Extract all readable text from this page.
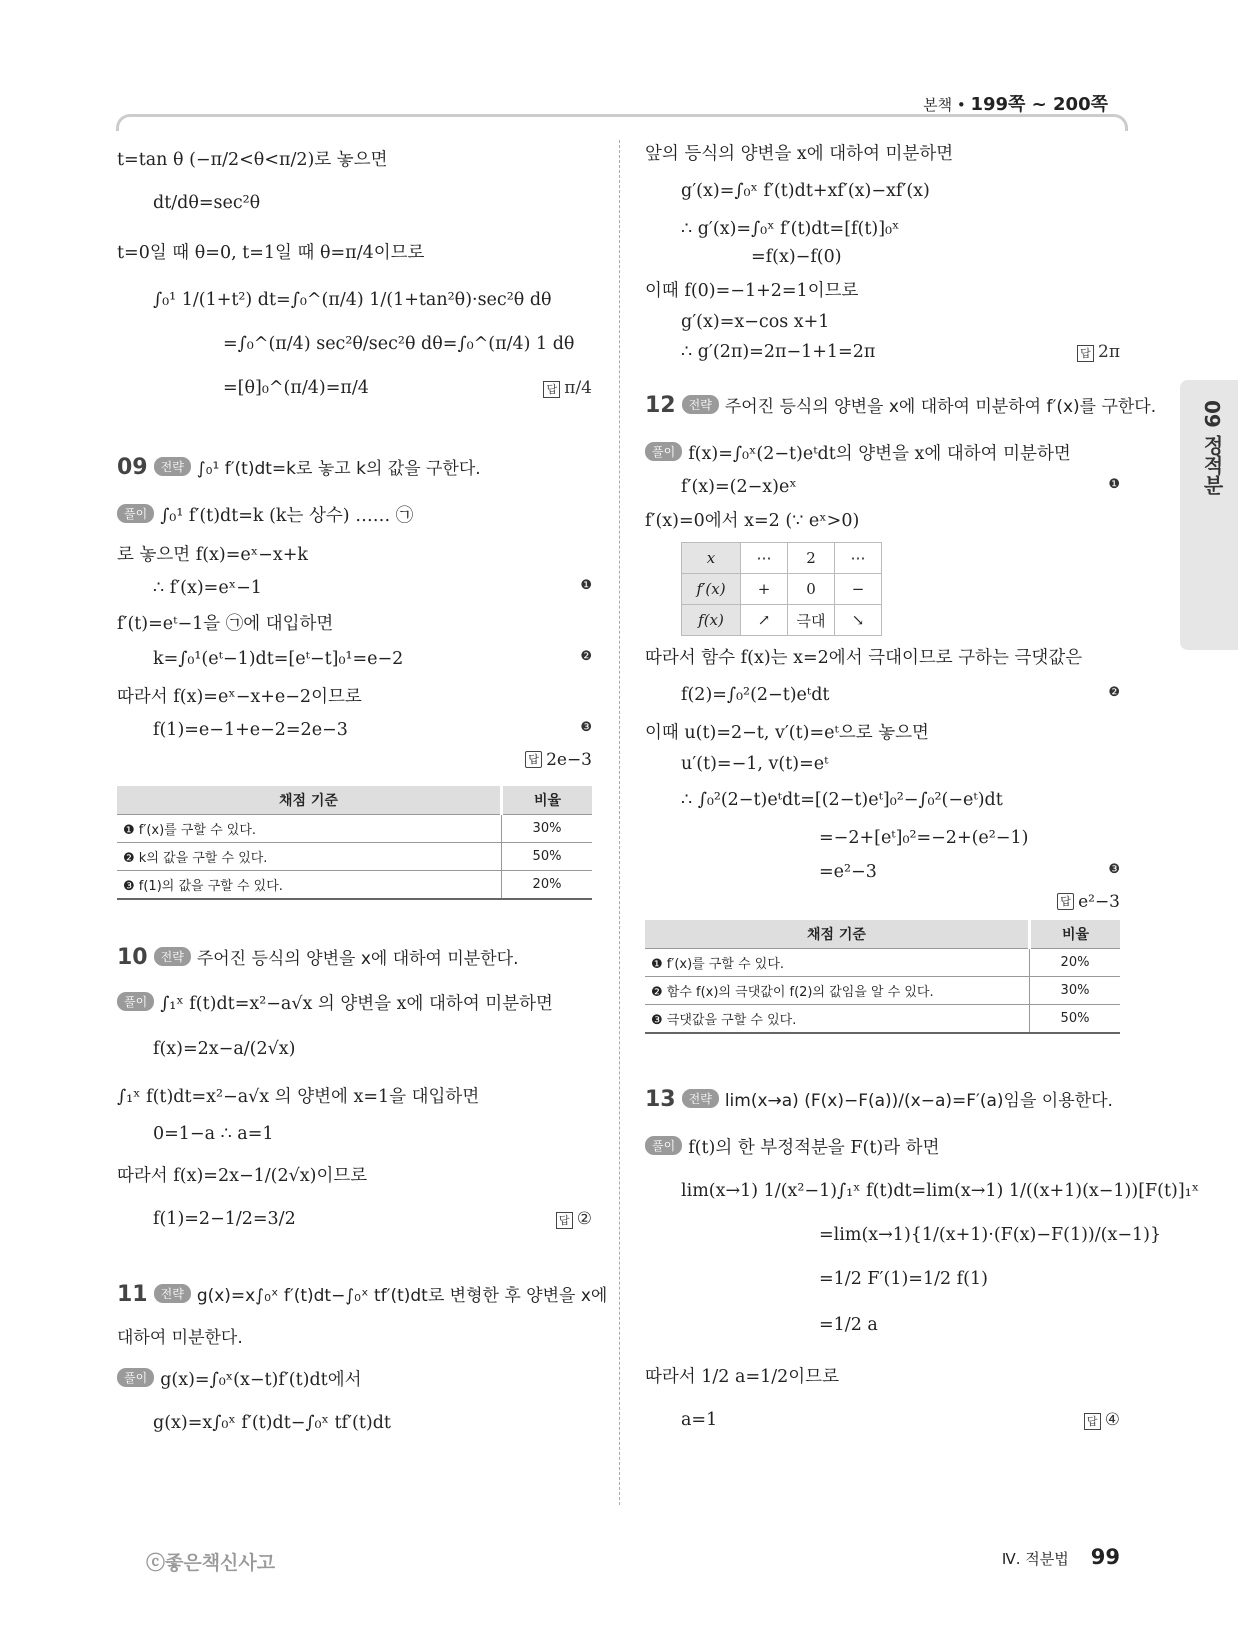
본책 • 199쪽 ~ 200쪽
09 정적분
t=tan θ (−π/2<θ<π/2)로 놓으면
dt/dθ=sec²θ
t=0일 때 θ=0, t=1일 때 θ=π/4이므로
∫₀¹ 1/(1+t²) dt=∫₀^(π/4) 1/(1+tan²θ)·sec²θ dθ
=∫₀^(π/4) sec²θ/sec²θ dθ=∫₀^(π/4) 1 dθ
=[θ]₀^(π/4)=π/4	답 π/4
09 전략 ∫₀¹ f′(t)dt=k로 놓고 k의 값을 구한다.
풀이 ∫₀¹ f′(t)dt=k (k는 상수) …… ㉠
로 놓으면 f(x)=eˣ−x+k
∴ f′(x)=eˣ−1	❶
f′(t)=eᵗ−1을 ㉠에 대입하면
k=∫₀¹(eᵗ−1)dt=[eᵗ−t]₀¹=e−2	❷
따라서 f(x)=eˣ−x+e−2이므로
f(1)=e−1+e−2=2e−3	❸
답 2e−3
채점 기준	비율
❶ f′(x)를 구할 수 있다.	30%
❷ k의 값을 구할 수 있다.	50%
❸ f(1)의 값을 구할 수 있다.	20%
10 전략 주어진 등식의 양변을 x에 대하여 미분한다.
풀이 ∫₁ˣ f(t)dt=x²−a√x 의 양변을 x에 대하여 미분하면
f(x)=2x−a/(2√x)
∫₁ˣ f(t)dt=x²−a√x 의 양변에 x=1을 대입하면
0=1−a ∴ a=1
따라서 f(x)=2x−1/(2√x)이므로
f(1)=2−1/2=3/2	답 ②
11 전략 g(x)=x∫₀ˣ f′(t)dt−∫₀ˣ tf′(t)dt로 변형한 후 양변을 x에
대하여 미분한다.
풀이 g(x)=∫₀ˣ(x−t)f′(t)dt에서
g(x)=x∫₀ˣ f′(t)dt−∫₀ˣ tf′(t)dt
앞의 등식의 양변을 x에 대하여 미분하면
g′(x)=∫₀ˣ f′(t)dt+xf′(x)−xf′(x)
∴ g′(x)=∫₀ˣ f′(t)dt=[f(t)]₀ˣ
=f(x)−f(0)
이때 f(0)=−1+2=1이므로
g′(x)=x−cos x+1
∴ g′(2π)=2π−1+1=2π	답 2π
12 전략 주어진 등식의 양변을 x에 대하여 미분하여 f′(x)를 구한다.
풀이 f(x)=∫₀ˣ(2−t)eᵗdt의 양변을 x에 대하여 미분하면
f′(x)=(2−x)eˣ	❶
f′(x)=0에서 x=2 (∵ eˣ>0)
x	⋯	2	⋯
f′(x)	+	0	−
f(x)	↗	극대	↘
따라서 함수 f(x)는 x=2에서 극대이므로 구하는 극댓값은
f(2)=∫₀²(2−t)eᵗdt	❷
이때 u(t)=2−t, v′(t)=eᵗ으로 놓으면
u′(t)=−1, v(t)=eᵗ
∴ ∫₀²(2−t)eᵗdt=[(2−t)eᵗ]₀²−∫₀²(−eᵗ)dt
=−2+[eᵗ]₀²=−2+(e²−1)
=e²−3	❸
답 e²−3
채점 기준	비율
❶ f′(x)를 구할 수 있다.	20%
❷ 함수 f(x)의 극댓값이 f(2)의 값임을 알 수 있다.	30%
❸ 극댓값을 구할 수 있다.	50%
13 전략 lim(x→a) (F(x)−F(a))/(x−a)=F′(a)임을 이용한다.
풀이 f(t)의 한 부정적분을 F(t)라 하면
lim(x→1) 1/(x²−1)∫₁ˣ f(t)dt=lim(x→1) 1/((x+1)(x−1))[F(t)]₁ˣ
=lim(x→1){1/(x+1)·(F(x)−F(1))/(x−1)}
=1/2 F′(1)=1/2 f(1)
=1/2 a
따라서 1/2 a=1/2이므로
a=1	답 ④
ⓒ좋은책신사고	Ⅳ. 적분법 99
